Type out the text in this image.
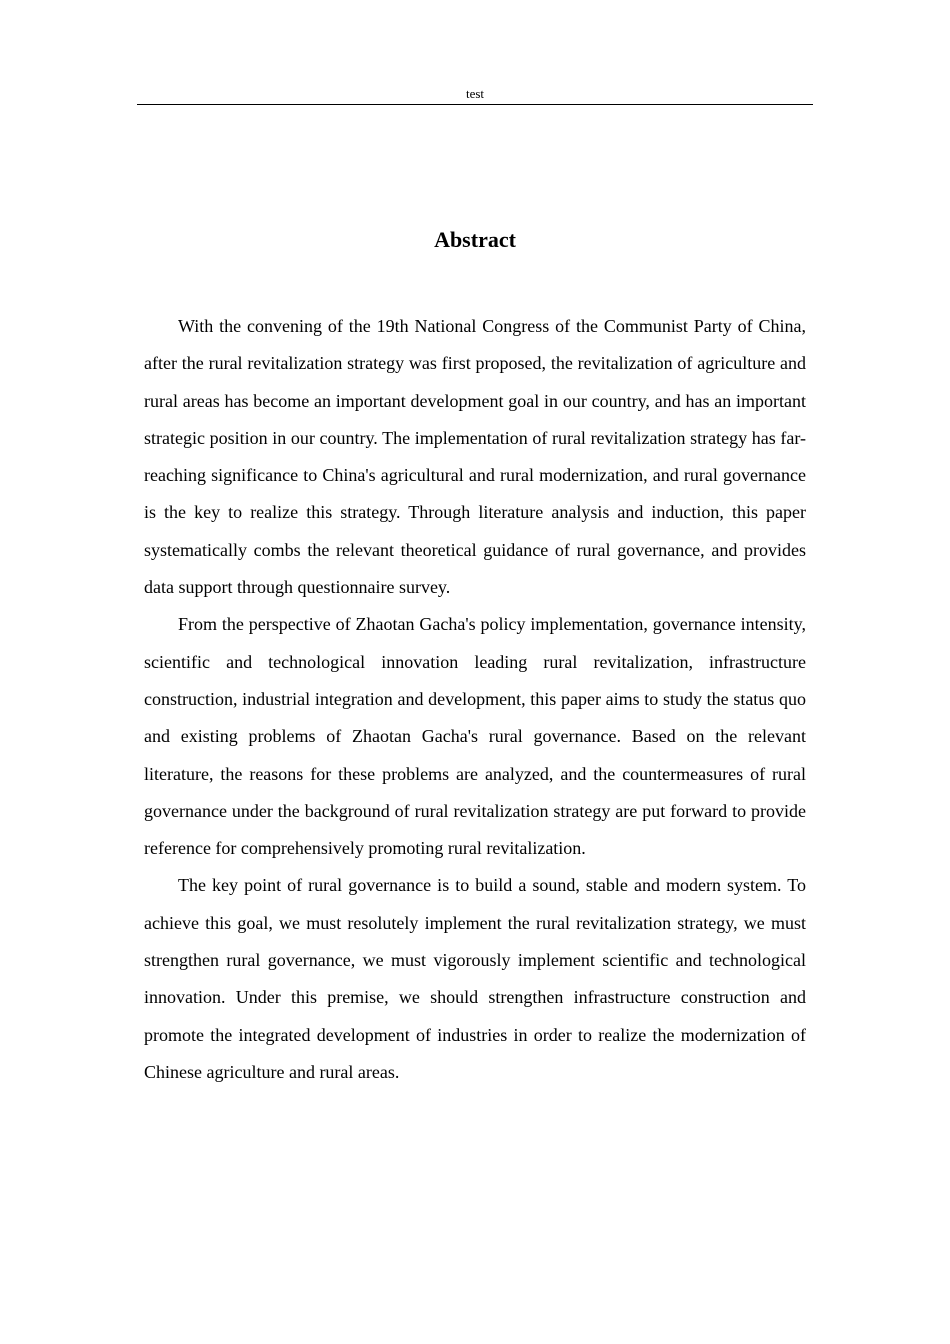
test
Abstract

With the convening of the 19th National Congress of the Communist Party of China, after the rural revitalization strategy was first proposed, the revitalization of agriculture and rural areas has become an important development goal in our country, and has an important strategic position in our country. The implementation of rural revitalization strategy has far-reaching significance to China's agricultural and rural modernization, and rural governance is the key to realize this strategy. Through literature analysis and induction, this paper systematically combs the relevant theoretical guidance of rural governance, and provides data support through questionnaire survey.

From the perspective of Zhaotan Gacha's policy implementation, governance intensity, scientific and technological innovation leading rural revitalization, infrastructure construction, industrial integration and development, this paper aims to study the status quo and existing problems of Zhaotan Gacha's rural governance. Based on the relevant literature, the reasons for these problems are analyzed, and the countermeasures of rural governance under the background of rural revitalization strategy are put forward to provide reference for comprehensively promoting rural revitalization.

The key point of rural governance is to build a sound, stable and modern system. To achieve this goal, we must resolutely implement the rural revitalization strategy, we must strengthen rural governance, we must vigorously implement scientific and technological innovation. Under this premise, we should strengthen infrastructure construction and promote the integrated development of industries in order to realize the modernization of Chinese agriculture and rural areas.
